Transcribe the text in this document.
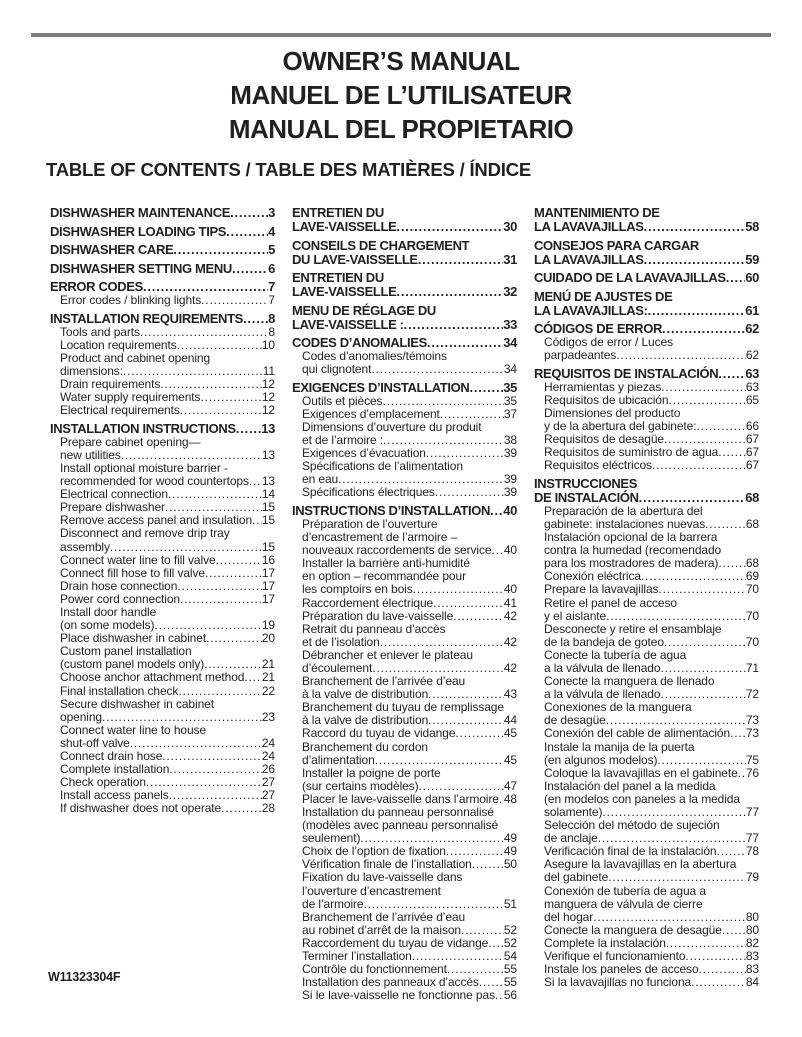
OWNER’S MANUAL
MANUEL DE L’UTILISATEUR
MANUAL DEL PROPIETARIO
TABLE OF CONTENTS / TABLE DES MATIÈRES / ÍNDICE
DISHWASHER MAINTENANCE .....	3
DISHWASHER LOADING TIPS .....	4
DISHWASHER CARE .....	5
DISHWASHER SETTING MENU .....	6
ERROR CODES .....	7
Error codes / blinking lights .....	7
INSTALLATION REQUIREMENTS ..... 8
Tools and parts .....	8
Location requirements .....	10
Product and cabinet opening
dimensions: .....	11
Drain requirements .....	12
Water supply requirements .....	12
Electrical requirements .....	12
INSTALLATION INSTRUCTIONS ..... 13
Prepare cabinet opening—
new utilities .....	13
Install optional moisture barrier -
recommended for wood countertops ..... 13
Electrical connection .....	14
Prepare dishwasher .....	15
Remove access panel and insulation ..... 15
Disconnect and remove drip tray
assembly .....	15
Connect water line to fill valve .....	16
Connect fill hose to fill valve .....	17
Drain hose connection .....	17
Power cord connection .....	17
Install door handle
(on some models) .....	19
Place dishwasher in cabinet .....	20
Custom panel installation
(custom panel models only) .....	21
Choose anchor attachment method ..... 21
Final installation check .....	22
Secure dishwasher in cabinet
opening .....	23
Connect water line to house
shut-off valve .....	24
Connect drain hose .....	24
Complete installation .....	26
Check operation .....	27
Install access panels .....	27
If dishwasher does not operate .....	28
ENTRETIEN DU
LAVE-VAISSELLE .....	30
CONSEILS DE CHARGEMENT
DU LAVE-VAISSELLE .....	31
ENTRETIEN DU
LAVE-VAISSELLE .....	32
MENU DE RÉGLAGE DU
LAVE-VAISSELLE : .....	33
CODES D’ANOMALIES .....	34
Codes d’anomalies/témoins
qui clignotent .....	34
EXIGENCES D’INSTALLATION .....	35
Outils et pièces .....	35
Exigences d’emplacement .....	37
Dimensions d’ouverture du produit
et de l’armoire : .....	38
Exigences d’évacuation .....	39
Spécifications de l’alimentation
en eau .....	39
Spécifications électriques .....	39
INSTRUCTIONS D’INSTALLATION ..... 40
Préparation de l’ouverture
d’encastrement de l’armoire –
nouveaux raccordements de service ..... 40
Installer la barrière anti-humidité
en option – recommandée pour
les comptoirs en bois .....	40
Raccordement électrique .....	41
Préparation du lave-vaisselle .....	42
Retrait du panneau d’accès
et de l’isolation .....	42
Débrancher et enlever le plateau
d’écoulement .....	42
Branchement de l’arrivée d’eau
à la valve de distribution .....	43
Branchement du tuyau de remplissage
à la valve de distribution .....	44
Raccord du tuyau de vidange .....	45
Branchement du cordon
d’alimentation .....	45
Installer la poigne de porte
(sur certains modèles) .....	47
Placer le lave-vaisselle dans l’armoire ..... 48
Installation du panneau personnalisé
(modèles avec panneau personnalisé
seulement) .....	49
Choix de l’option de fixation .....	49
Vérification finale de l’installation .....	50
Fixation du lave-vaisselle dans
l’ouverture d’encastrement
de l’armoire .....	51
Branchement de l’arrivée d’eau
au robinet d’arrêt de la maison .....	52
Raccordement du tuyau de vidange ..... 52
Terminer l’installation .....	54
Contrôle du fonctionnement .....	55
Installation des panneaux d’accès ..... 55
Si le lave-vaisselle ne fonctionne pas ..... 56
MANTENIMIENTO DE
LA LAVAVAJILLAS .....	58
CONSEJOS PARA CARGAR
LA LAVAVAJILLAS .....	59
CUIDADO DE LA LAVAVAJILLAS ..... 60
MENÚ DE AJUSTES DE
LA LAVAVAJILLAS: .....	61
CÓDIGOS DE ERROR .....	62
Códigos de error / Luces
parpadeantes .....	62
REQUISITOS DE INSTALACIÓN ..... 63
Herramientas y piezas .....	63
Requisitos de ubicación .....	65
Dimensiones del producto
y de la abertura del gabinete: .....	66
Requisitos de desagüe .....	67
Requisitos de suministro de agua ..... 67
Requisitos eléctricos .....	67
INSTRUCCIONES
DE INSTALACIÓN .....	68
Preparación de la abertura del
gabinete: instalaciones nuevas .....	68
Instalación opcional de la barrera
contra la humedad (recomendado
para los mostradores de madera) ..... 68
Conexión eléctrica .....	69
Prepare la lavavajillas .....	70
Retire el panel de acceso
y el aislante .....	70
Desconecte y retire el ensamblaje
de la bandeja de goteo .....	70
Conecte la tubería de agua
a la válvula de llenado .....	71
Conecte la manguera de llenado
a la válvula de llenado .....	72
Conexiones de la manguera
de desagüe .....	73
Conexión del cable de alimentación ..... 73
Instale la manija de la puerta
(en algunos modelos) .....	75
Coloque la lavavajillas en el gabinete ..... 76
Instalación del panel a la medida
(en modelos con paneles a la medida
solamente) .....	77
Selección del método de sujeción
de anclaje .....	77
Verificación final de la instalación ..... 78
Asegure la lavavajillas en la abertura
del gabinete .....	79
Conexión de tubería de agua a
manguera de válvula de cierre
del hogar .....	80
Conecte la manguera de desagüe ..... 80
Complete la instalación .....	82
Verifique el funcionamiento .....	83
Instale los paneles de acceso .....	83
Si la lavavajillas no funciona .....	84
W11323304F
